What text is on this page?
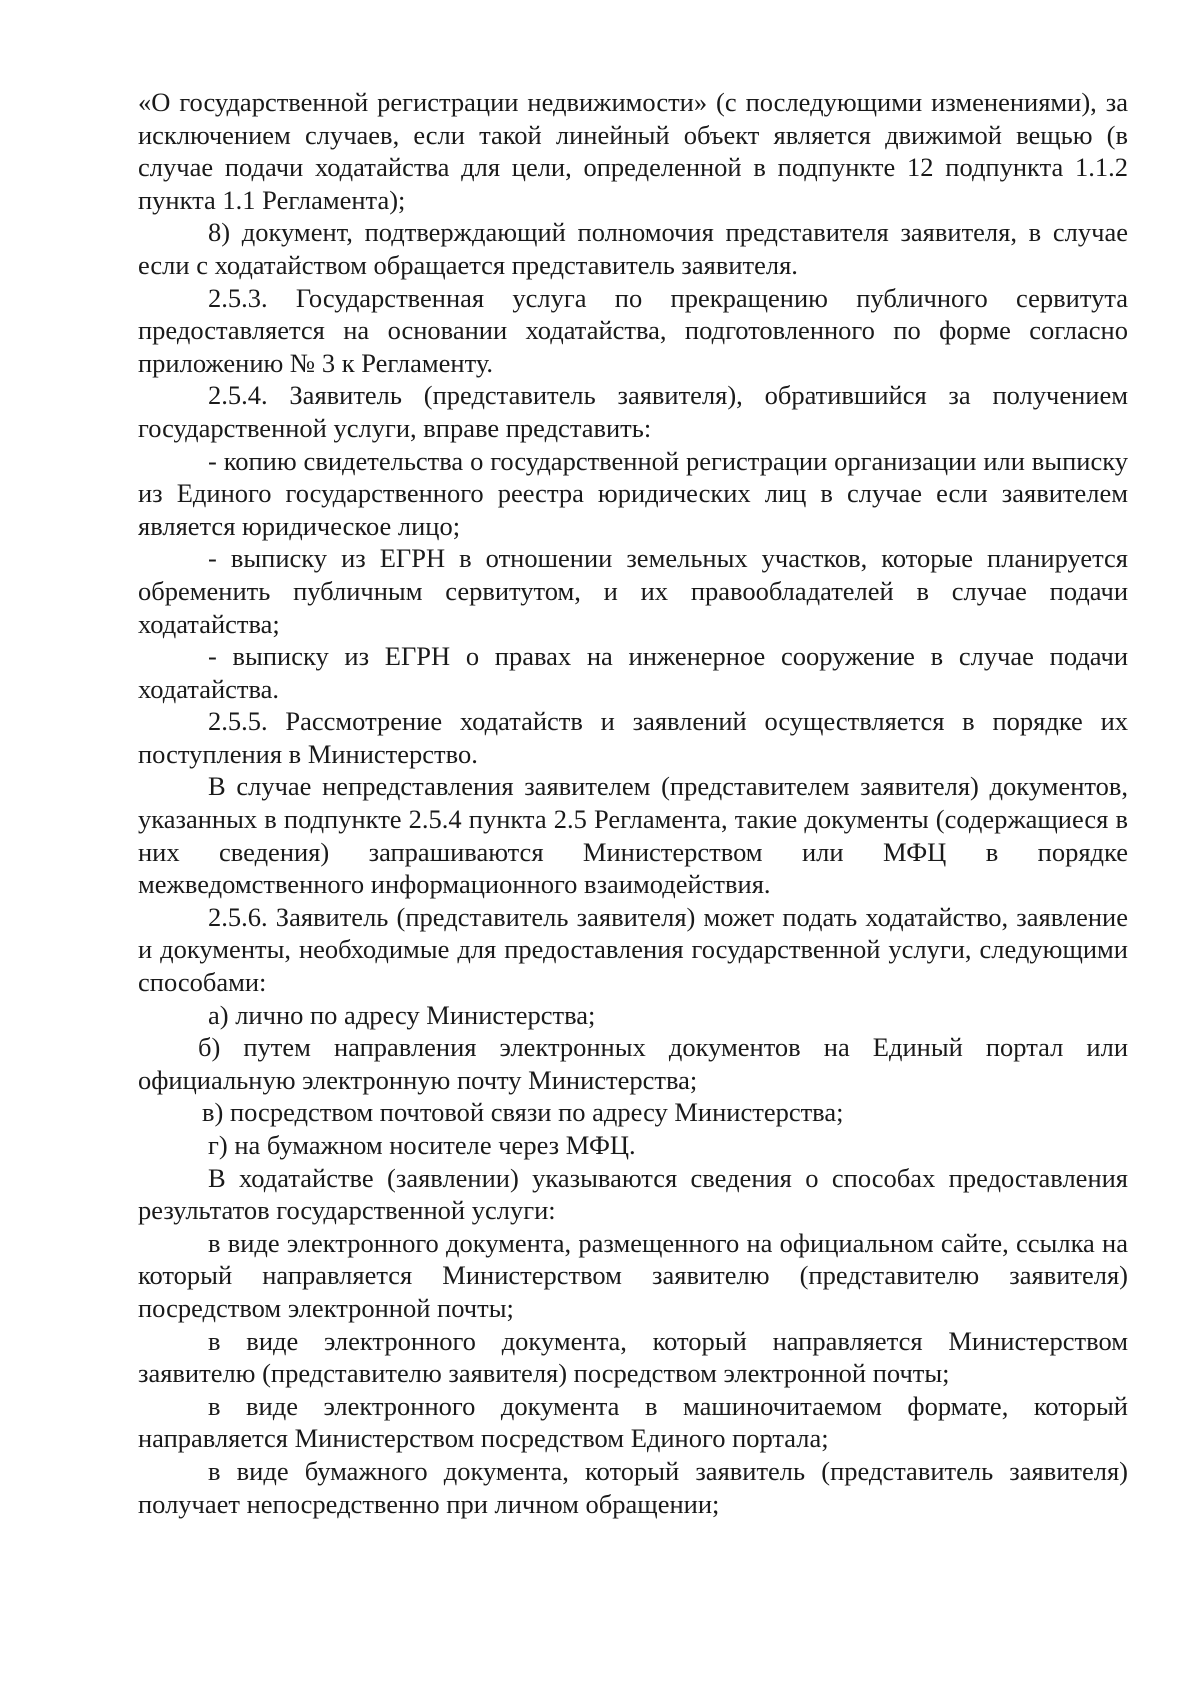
«О государственной регистрации недвижимости» (с последующими изменениями), за исключением случаев, если такой линейный объект является движимой вещью (в случае подачи ходатайства для цели, определенной в подпункте 12 подпункта 1.1.2 пункта 1.1 Регламента);

8) документ, подтверждающий полномочия представителя заявителя, в случае если с ходатайством обращается представитель заявителя.

2.5.3. Государственная услуга по прекращению публичного сервитута предоставляется на основании ходатайства, подготовленного по форме согласно приложению № 3 к Регламенту.

2.5.4. Заявитель (представитель заявителя), обратившийся за получением государственной услуги, вправе представить:

- копию свидетельства о государственной регистрации организации или выписку из Единого государственного реестра юридических лиц в случае если заявителем является юридическое лицо;

- выписку из ЕГРН в отношении земельных участков, которые планируется обременить публичным сервитутом, и их правообладателей в случае подачи ходатайства;

- выписку из ЕГРН о правах на инженерное сооружение в случае подачи ходатайства.

2.5.5. Рассмотрение ходатайств и заявлений осуществляется в порядке их поступления в Министерство.

В случае непредставления заявителем (представителем заявителя) документов, указанных в подпункте 2.5.4 пункта 2.5 Регламента, такие документы (содержащиеся в них сведения) запрашиваются Министерством или МФЦ в порядке межведомственного информационного взаимодействия.

2.5.6. Заявитель (представитель заявителя) может подать ходатайство, заявление и документы, необходимые для предоставления государственной услуги, следующими способами:

а) лично по адресу Министерства;

б) путем направления электронных документов на Единый портал или официальную электронную почту Министерства;

в) посредством почтовой связи по адресу Министерства;

г) на бумажном носителе через МФЦ.

В ходатайстве (заявлении) указываются сведения о способах предоставления результатов государственной услуги:

в виде электронного документа, размещенного на официальном сайте, ссылка на который направляется Министерством заявителю (представителю заявителя) посредством электронной почты;

в виде электронного документа, который направляется Министерством заявителю (представителю заявителя) посредством электронной почты;

в виде электронного документа в машиночитаемом формате, который направляется Министерством посредством Единого портала;

в виде бумажного документа, который заявитель (представитель заявителя) получает непосредственно при личном обращении;
